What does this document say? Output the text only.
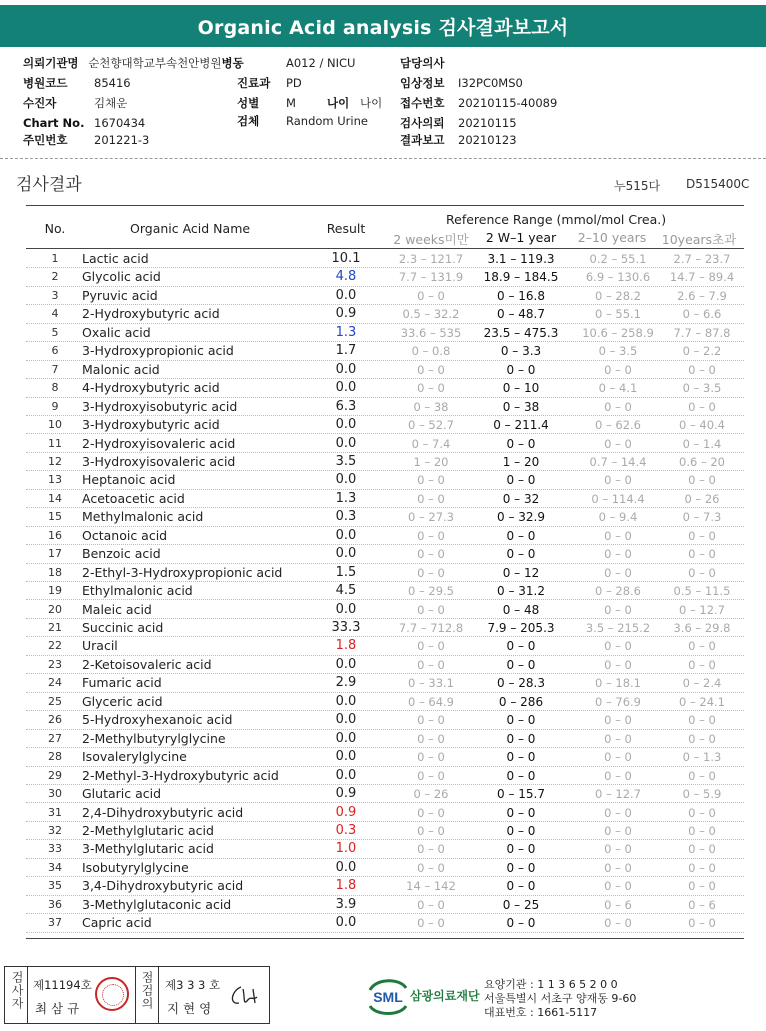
Organic Acid analysis 검사결과보고서
의뢰기관명 순천향대학교부속천안병원병동	A012 / NICU	담당의사
병원코드 85416	진료과 PD	임상정보 I32PC0MS0
수진자	김채운	성별 M	나이 나이 접수번호 20210115-40089
Chart No. 1670434	검체 Random Urine	검사의뢰 20210115
주민번호 201221-3	결과보고 20210123
검사결과	누515다 D515400C
No.	Organic Acid Name	Result
Reference Range (mmol/mol Crea.)
2 weeks미만	2 W–1 year	2–10 years	10years초과
1	Lactic acid	10.1	2.3 – 121.7	3.1 – 119.3	0.2 – 55.1	2.7 – 23.7
2	Glycolic acid	4.8	7.7 – 131.9	18.9 – 184.5	6.9 – 130.6	14.7 – 89.4
3	Pyruvic acid	0.0	0 – 0	0 – 16.8	0 – 28.2	2.6 – 7.9
4	2-Hydroxybutyric acid	0.9	0.5 – 32.2	0 – 48.7	0 – 55.1	0 – 6.6
5	Oxalic acid	1.3	33.6 – 535	23.5 – 475.3	10.6 – 258.9	7.7 – 87.8
6	3-Hydroxypropionic acid	1.7	0 – 0.8	0 – 3.3	0 – 3.5	0 – 2.2
7	Malonic acid	0.0	0 – 0	0 – 0	0 – 0	0 – 0
8	4-Hydroxybutyric acid	0.0	0 – 0	0 – 10	0 – 4.1	0 – 3.5
9	3-Hydroxyisobutyric acid	6.3	0 – 38	0 – 38	0 – 0	0 – 0
10	3-Hydroxybutyric acid	0.0	0 – 52.7	0 – 211.4	0 – 62.6	0 – 40.4
11	2-Hydroxyisovaleric acid	0.0	0 – 7.4	0 – 0	0 – 0	0 – 1.4
12	3-Hydroxyisovaleric acid	3.5	1 – 20	1 – 20	0.7 – 14.4	0.6 – 20
13	Heptanoic acid	0.0	0 – 0	0 – 0	0 – 0	0 – 0
14	Acetoacetic acid	1.3	0 – 0	0 – 32	0 – 114.4	0 – 26
15	Methylmalonic acid	0.3	0 – 27.3	0 – 32.9	0 – 9.4	0 – 7.3
16	Octanoic acid	0.0	0 – 0	0 – 0	0 – 0	0 – 0
17	Benzoic acid	0.0	0 – 0	0 – 0	0 – 0	0 – 0
18	2-Ethyl-3-Hydroxypropionic acid	1.5	0 – 0	0 – 12	0 – 0	0 – 0
19	Ethylmalonic acid	4.5	0 – 29.5	0 – 31.2	0 – 28.6	0.5 – 11.5
20	Maleic acid	0.0	0 – 0	0 – 48	0 – 0	0 – 12.7
21	Succinic acid	33.3	7.7 – 712.8	7.9 – 205.3	3.5 – 215.2	3.6 – 29.8
22	Uracil	1.8	0 – 0	0 – 0	0 – 0	0 – 0
23	2-Ketoisovaleric acid	0.0	0 – 0	0 – 0	0 – 0	0 – 0
24	Fumaric acid	2.9	0 – 33.1	0 – 28.3	0 – 18.1	0 – 2.4
25	Glyceric acid	0.0	0 – 64.9	0 – 286	0 – 76.9	0 – 24.1
26	5-Hydroxyhexanoic acid	0.0	0 – 0	0 – 0	0 – 0	0 – 0
27	2-Methylbutyrylglycine	0.0	0 – 0	0 – 0	0 – 0	0 – 0
28	Isovalerylglycine	0.0	0 – 0	0 – 0	0 – 0	0 – 1.3
29	2-Methyl-3-Hydroxybutyric acid	0.0	0 – 0	0 – 0	0 – 0	0 – 0
30	Glutaric acid	0.9	0 – 26	0 – 15.7	0 – 12.7	0 – 5.9
31	2,4-Dihydroxybutyric acid	0.9	0 – 0	0 – 0	0 – 0	0 – 0
32	2-Methylglutaric acid	0.3	0 – 0	0 – 0	0 – 0	0 – 0
33	3-Methylglutaric acid	1.0	0 – 0	0 – 0	0 – 0	0 – 0
34	Isobutyrylglycine	0.0	0 – 0	0 – 0	0 – 0	0 – 0
35	3,4-Dihydroxybutyric acid	1.8	14 – 142	0 – 0	0 – 0	0 – 0
36	3-Methylglutaconic acid	3.9	0 – 0	0 – 25	0 – 6	0 – 6
37	Capric acid	0.0	0 – 0	0 – 0	0 – 0	0 – 0
검사자 제11194호
최 삼 규	점검의 제3 3 3 호
지 현 영
SML 삼광의료재단
요양기관 : 1 1 3 6 5 2 0 0
서울특별시 서초구 양재동 9-60
대표번호 : 1661-5117
